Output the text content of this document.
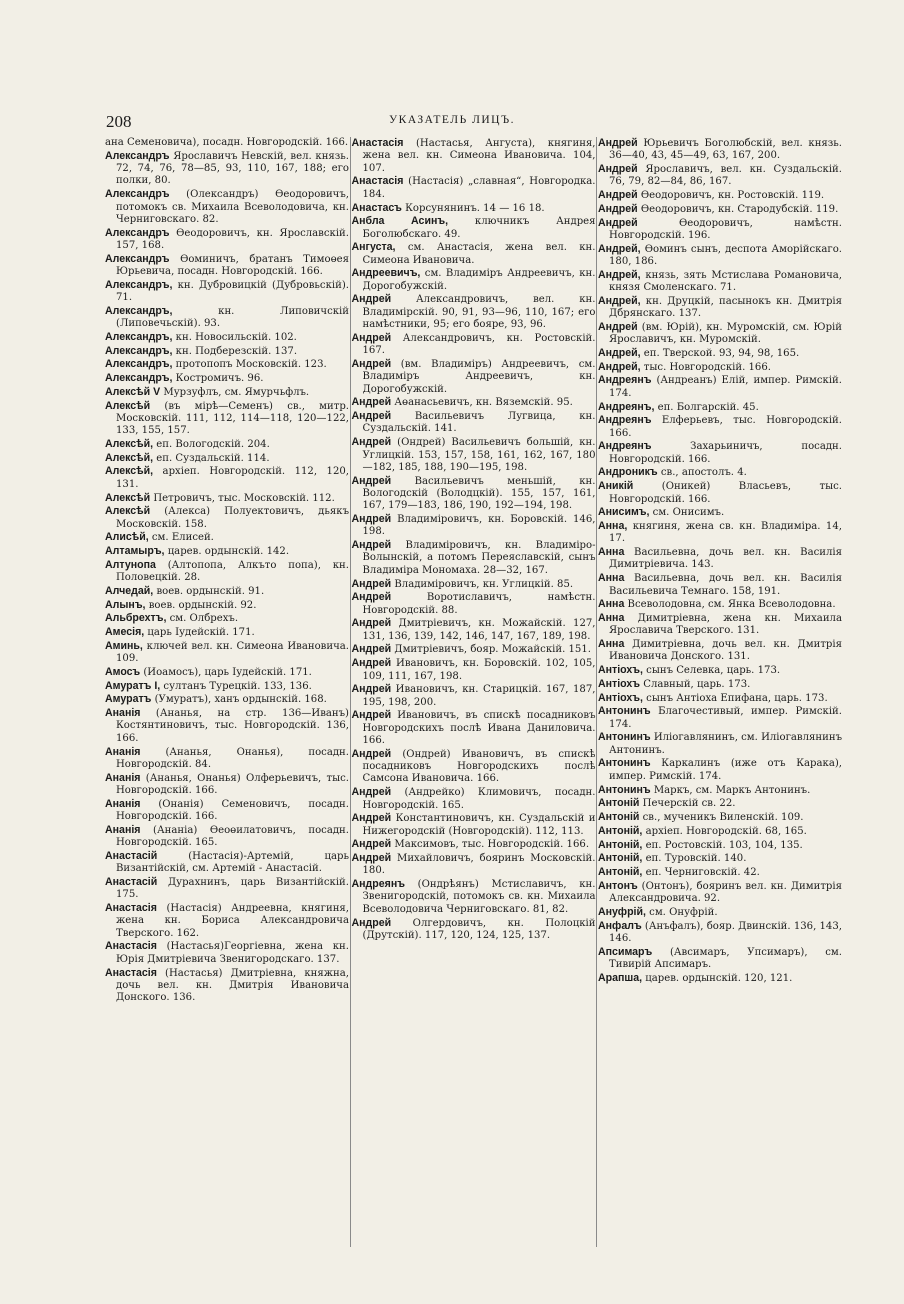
208	УКАЗАТЕЛЬ ЛИЦЪ.
ана Семеновича), посадн. Новгородскій. 166.
Александръ Ярославичъ Невскій, вел. князь. 72, 74, 76, 78—85, 93, 110, 167, 188; его полки, 80.
Александръ (Олександръ) Өеодоровичъ, потомокъ св. Михаила Всеволодовича, кн. Черниговскаго. 82.
Александръ Өеодоровичъ, кн. Ярославскій. 157, 168.
Александръ Өоминичъ, братанъ Тимоөея Юрьевича, посадн. Новгородскій. 166.
Александръ, кн. Дубровицкій (Дубровьскій). 71.
Александръ, кн. Липовичскій (Липовечьскій). 93.
Александръ, кн. Новосильскій. 102.
Александръ, кн. Подберезскій. 137.
Александръ, протопопъ Московскій. 123.
Александръ, Костромичъ. 96.
Алексѣй V Мурзуфлъ, см. Ямурчьфлъ.
Алексѣй (въ мірѣ—Семенъ) св., митр. Московскій. 111, 112, 114—118, 120—122, 133, 155, 157.
Алексѣй, еп. Вологодскій. 204.
Алексѣй, еп. Суздальскій. 114.
Алексѣй, архіеп. Новгородскій. 112, 120, 131.
Алексѣй Петровичъ, тыс. Московскій. 112.
Алексѣй (Алекса) Полуектовичъ, дьякъ Московскій. 158.
Алисѣй, см. Елисей.
Алтамыръ, царев. ордынскій. 142.
Алтунопа (Алтопопа, Алкъто попа), кн. Половецкій. 28.
Алчедай, воев. ордынскій. 91.
Алынъ, воев. ордынскій. 92.
Альбрехтъ, см. Олбрехъ.
Амесія, царь Іудейскій. 171.
Аминь, ключей вел. кн. Симеона Ивановича. 109.
Амосъ (Иоамосъ), царь Іудейскій. 171.
Амуратъ І, султанъ Турецкій. 133, 136.
Амуратъ (Умуратъ), ханъ ордынскій. 168.
Ананія (Ананья, на стр. 136—Иванъ) Костянтиновичъ, тыс. Новгородскій. 136, 166.
Ананія (Ананья, Онанья), посадн. Новгородскій. 84.
Ананія (Ананья, Онанья) Олферьевичъ, тыс. Новгородскій. 166.
Ананія (Онанія) Семеновичъ, посадн. Новгородскій. 166.
Ананія (Ананіа) Өеоөилатовичъ, посадн. Новгородскій. 165.
Анастасій (Настасія)-Артемій, царь Византійскій, см. Артемій - Анастасій.
Анастасій Дурахнинъ, царь Византійскій. 175.
Анастасія (Настасія) Андреевна, княгиня, жена кн. Бориса Александровича Тверского. 162.
Анастасія (Настасья)Георгіевна, жена кн. Юрія Дмитріевича Звенигородскаго. 137.
Анастасія (Настасья) Дмитріевна, княжна, дочь вел. кн. Дмитрія Ивановича Донского. 136.
Анастасія (Настасья, Ангуста), княгиня, жена вел. кн. Симеона Ивановича. 104, 107.
Анастасія (Настасія) „славная“, Новгородка. 184.
Анастасъ Корсунянинъ. 14 — 16 18.
Анбла Асинъ, ключникъ Андрея Боголюбскаго. 49.
Ангуста, см. Анастасія, жена вел. кн. Симеона Ивановича.
Андреевичъ, см. Владиміръ Андреевичъ, кн. Дорогобужскій.
Андрей Александровичъ, вел. кн. Владимірскій. 90, 91, 93—96, 110, 167; его намѣстники, 95; его бояре, 93, 96.
Андрей Александровичъ, кн. Ростовскій. 167.
Андрей (вм. Владиміръ) Андреевичъ, см. Владиміръ Андреевичъ, кн. Дорогобужскій.
Андрей Аөанасьевичъ, кн. Вяземскій. 95.
Андрей Васильевичъ Лугвица, кн. Суздальскій. 141.
Андрей (Ондрей) Васильевичъ большій, кн. Углицкій. 153, 157, 158, 161, 162, 167, 180—182, 185, 188, 190—195, 198.
Андрей Васильевичъ меньшій, кн. Вологодскій (Володцкій). 155, 157, 161, 167, 179—183, 186, 190, 192—194, 198.
Андрей Владиміровичъ, кн. Боровскій. 146, 198.
Андрей Владиміровичъ, кн. Владиміро-Волынскій, а потомъ Переяславскій, сынъ Владиміра Мономаха. 28—32, 167.
Андрей Владиміровичъ, кн. Углицкій. 85.
Андрей Воротиславичъ, намѣстн. Новгородскій. 88.
Андрей Дмитріевичъ, кн. Можайскій. 127, 131, 136, 139, 142, 146, 147, 167, 189, 198.
Андрей Дмитріевичъ, бояр. Можайскій. 151.
Андрей Ивановичъ, кн. Боровскій. 102, 105, 109, 111, 167, 198.
Андрей Ивановичъ, кн. Старицкій. 167, 187, 195, 198, 200.
Андрей Ивановичъ, въ спискѣ посадниковъ Новгородскихъ послѣ Ивана Даниловича. 166.
Андрей (Ондрей) Ивановичъ, въ спискѣ посадниковъ Новгородскихъ послѣ Самсона Ивановича. 166.
Андрей (Андрейко) Климовичъ, посадн. Новгородскій. 165.
Андрей Константиновичъ, кн. Суздальскій и Нижегородскій (Новгородскій). 112, 113.
Андрей Максимовъ, тыс. Новгородскій. 166.
Андрей Михайловичъ, бояринъ Московскій. 180.
Андреянъ (Ондрѣянъ) Мстиславичъ, кн. Звенигородскій, потомокъ св. кн. Михаила Всеволодовича Черниговскаго. 81, 82.
Андрей Олгердовичъ, кн. Полоцкій (Друтскій). 117, 120, 124, 125, 137.
Андрей Юрьевичъ Боголюбскій, вел. князь. 36—40, 43, 45—49, 63, 167, 200.
Андрей Ярославичъ, вел. кн. Суздальскій. 76, 79, 82—84, 86, 167.
Андрей Өеодоровичъ, кн. Ростовскій. 119.
Андрей Өеодоровичъ, кн. Стародубскій. 119.
Андрей Өеодоровичъ, намѣстн. Новгородскій. 196.
Андрей, Өоминъ сынъ, деспота Аморійскаго. 180, 186.
Андрей, князь, зять Мстислава Романовича, князя Смоленскаго. 71.
Андрей, кн. Друцкій, пасынокъ кн. Дмитрія Дбрянскаго. 137.
Андрей (вм. Юрій), кн. Муромскій, см. Юрій Ярославичъ, кн. Муромскій.
Андрей, еп. Тверской. 93, 94, 98, 165.
Андрей, тыс. Новгородскій. 166.
Андреянъ (Андреанъ) Елій, импер. Римскій. 174.
Андреянъ, еп. Болгарскій. 45.
Андреянъ Елферьевъ, тыс. Новгородскій. 166.
Андреянъ Захарьиничъ, посадн. Новгородскій. 166.
Андроникъ св., апостолъ. 4.
Аникій (Оникей) Власьевъ, тыс. Новгородскій. 166.
Анисимъ, см. Онисимъ.
Анна, княгиня, жена св. кн. Владиміра. 14, 17.
Анна Васильевна, дочь вел. кн. Василія Димитріевича. 143.
Анна Васильевна, дочь вел. кн. Василія Васильевича Темнаго. 158, 191.
Анна Всеволодовна, см. Янка Всеволодовна.
Анна Димитріевна, жена кн. Михаила Ярославича Тверского. 131.
Анна Димитріевна, дочь вел. кн. Дмитрія Ивановича Донского. 131.
Антіохъ, сынъ Селевка, царь. 173.
Антіохъ Славный, царь. 173.
Антіохъ, сынъ Антіоха Епифана, царь. 173.
Антонинъ Благочестивый, импер. Римскій. 174.
Антонинъ Иліогавлянинъ, см. Иліогавлянинъ Антонинъ.
Антонинъ Каркалинъ (иже отъ Карака), импер. Римскій. 174.
Антонинъ Маркъ, см. Маркъ Антонинъ.
Антоній Печерскій св. 22.
Антоній св., мученикъ Виленскій. 109.
Антоній, архіеп. Новгородскій. 68, 165.
Антоній, еп. Ростовскій. 103, 104, 135.
Антоній, еп. Туровскій. 140.
Антоній, еп. Черниговскій. 42.
Антонъ (Онтонъ), бояринъ вел. кн. Димитрія Александровича. 92.
Ануфрій, см. Онуфрій.
Анфалъ (Анъфалъ), бояр. Двинскій. 136, 143, 146.
Апсимаръ (Авсимаръ, Упсимаръ), см. Тивирій Апсимаръ.
Арапша, царев. ордынскій. 120, 121.
